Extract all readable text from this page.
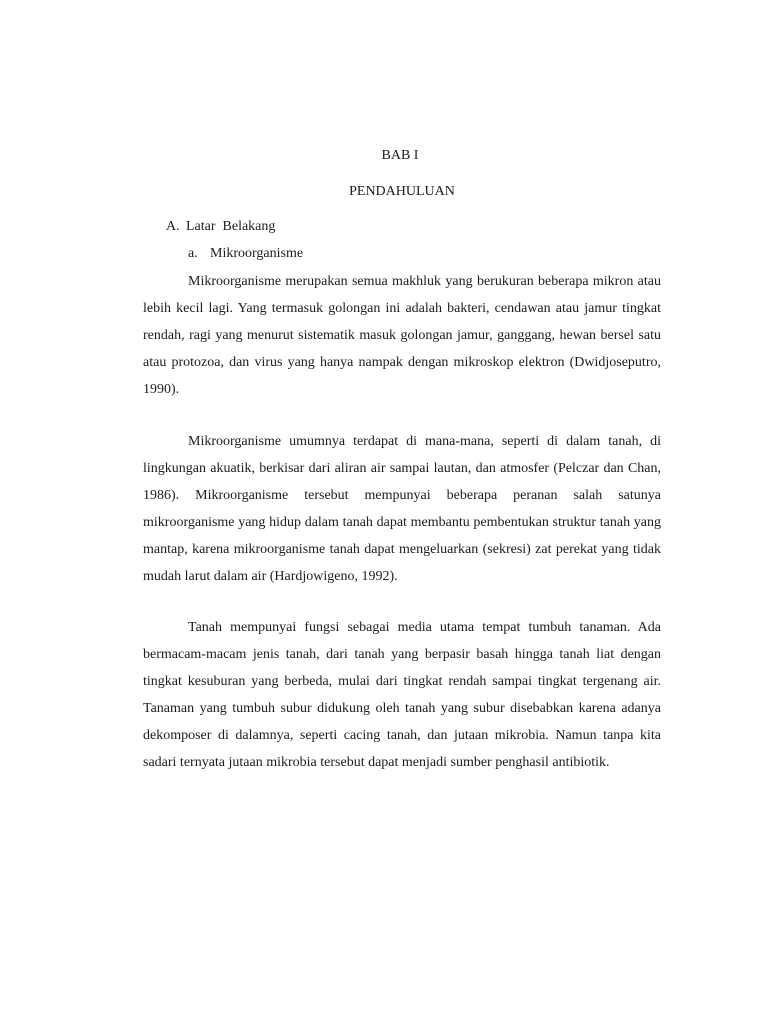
BAB I
PENDAHULUAN
A. Latar  Belakang
a. Mikroorganisme

Mikroorganisme merupakan semua makhluk yang berukuran beberapa mikron atau lebih kecil lagi. Yang termasuk golongan ini adalah bakteri, cendawan atau jamur tingkat rendah, ragi yang menurut sistematik masuk golongan jamur, ganggang, hewan bersel satu atau protozoa, dan virus yang hanya nampak dengan mikroskop elektron (Dwidjoseputro, 1990).

Mikroorganisme umumnya terdapat di mana-mana, seperti di dalam tanah, di lingkungan akuatik, berkisar dari aliran air sampai lautan, dan atmosfer (Pelczar dan Chan, 1986). Mikroorganisme tersebut mempunyai beberapa peranan salah satunya mikroorganisme yang hidup dalam tanah dapat membantu pembentukan struktur tanah yang mantap, karena mikroorganisme tanah dapat mengeluarkan (sekresi) zat perekat yang tidak mudah larut dalam air (Hardjowigeno, 1992).

Tanah mempunyai fungsi sebagai media utama tempat tumbuh tanaman. Ada bermacam-macam jenis tanah, dari tanah yang berpasir basah hingga tanah liat dengan tingkat kesuburan yang berbeda, mulai dari tingkat rendah sampai tingkat tergenang air. Tanaman yang tumbuh subur didukung oleh tanah yang subur disebabkan karena adanya dekomposer di dalamnya, seperti cacing tanah, dan jutaan mikrobia. Namun tanpa kita sadari ternyata jutaan mikrobia tersebut dapat menjadi sumber penghasil antibiotik.
